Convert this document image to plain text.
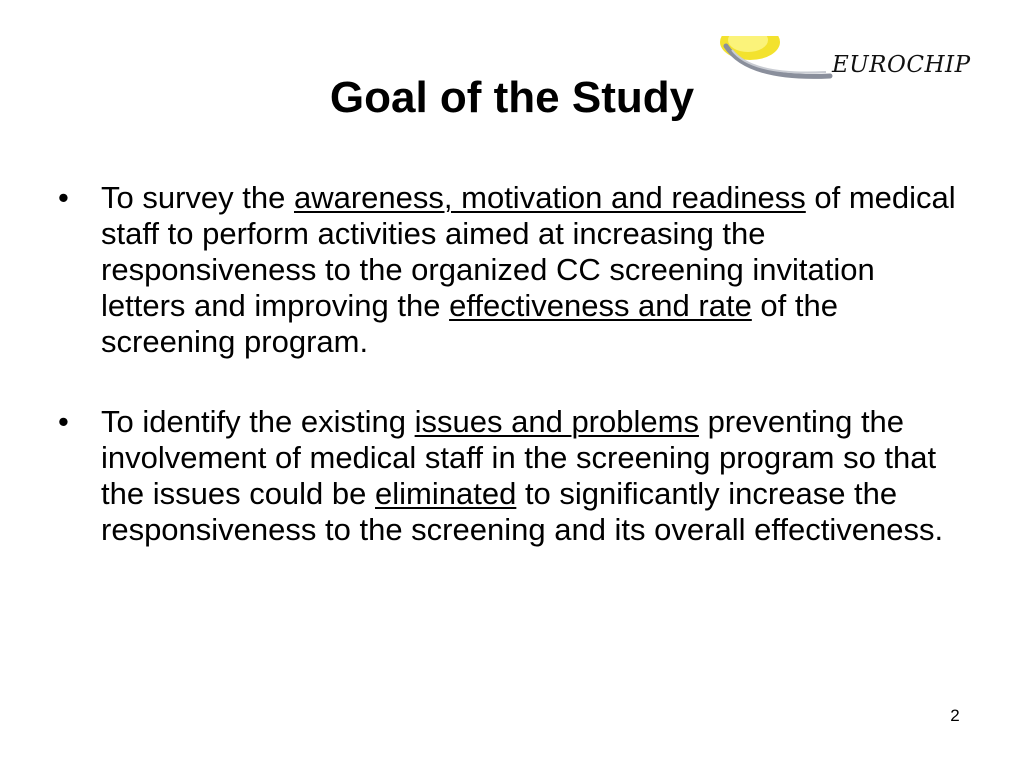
EUROCHIP
Goal of the Study
•	To survey the awareness, motivation and readiness of medical staff to perform activities aimed at increasing the responsiveness to the organized CC screening invitation letters and improving the effectiveness and rate of the screening program.
•	To identify the existing issues and problems preventing the involvement of medical staff in the screening program so that the issues could be eliminated to significantly increase the responsiveness to the screening and its overall effectiveness.
2
